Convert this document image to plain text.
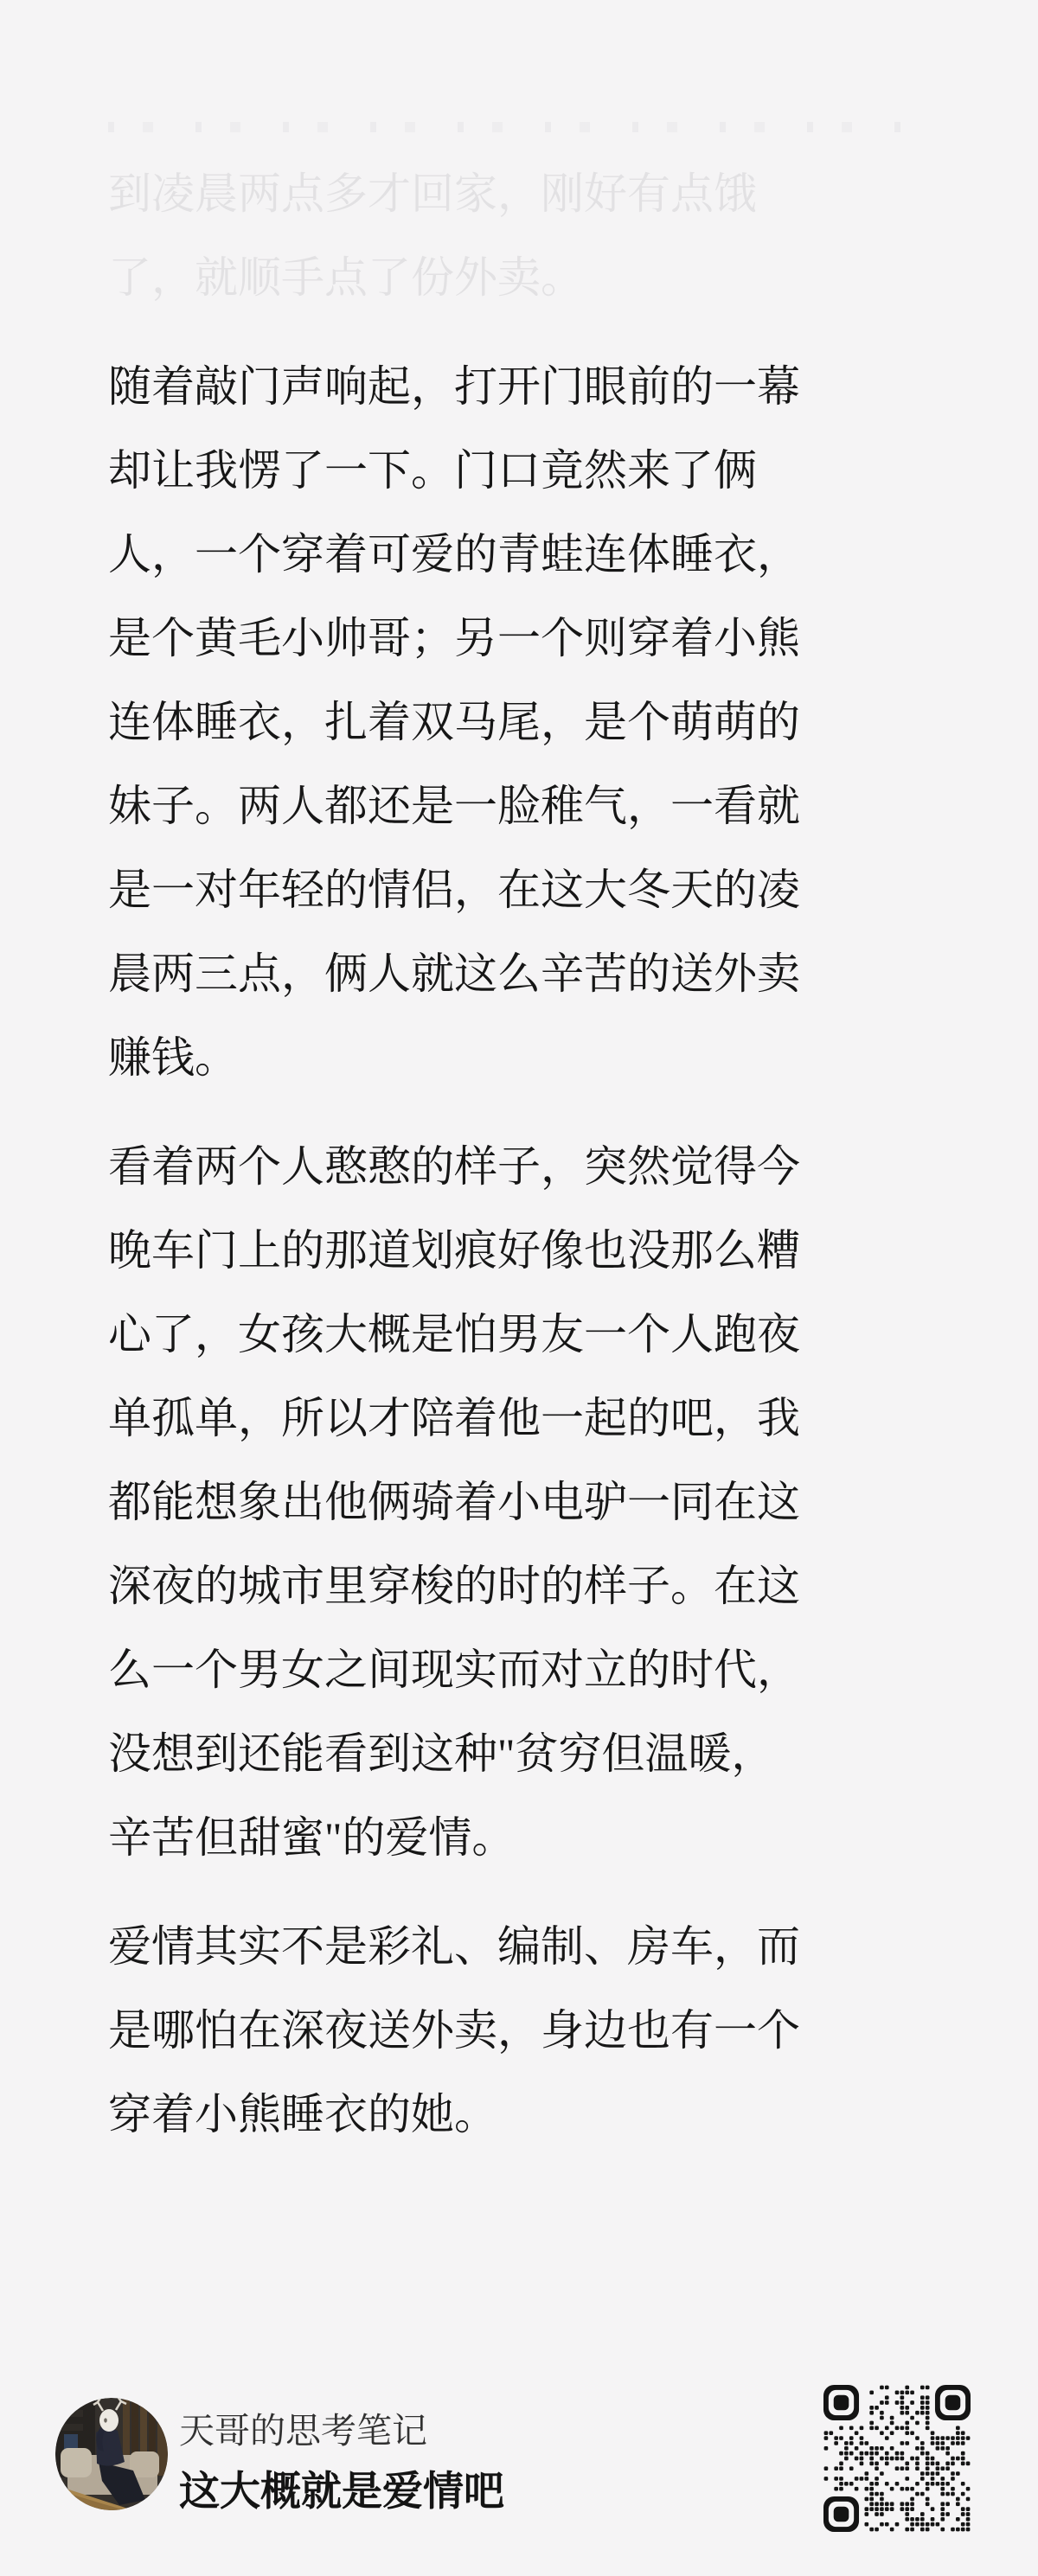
到凌晨两点多才回家，刚好有点饿
了，就顺手点了份外卖。
随着敲门声响起，打开门眼前的一幕
却让我愣了一下。门口竟然来了俩
人，一个穿着可爱的青蛙连体睡衣，
是个黄毛小帅哥；另一个则穿着小熊
连体睡衣，扎着双马尾，是个萌萌的
妹子。两人都还是一脸稚气，一看就
是一对年轻的情侣，在这大冬天的凌
晨两三点，俩人就这么辛苦的送外卖
赚钱。
看着两个人憨憨的样子，突然觉得今
晚车门上的那道划痕好像也没那么糟
心了，女孩大概是怕男友一个人跑夜
单孤单，所以才陪着他一起的吧，我
都能想象出他俩骑着小电驴一同在这
深夜的城市里穿梭的时的样子。在这
么一个男女之间现实而对立的时代，
没想到还能看到这种"贫穷但温暖，
辛苦但甜蜜"的爱情。
爱情其实不是彩礼、编制、房车，而
是哪怕在深夜送外卖，身边也有一个
穿着小熊睡衣的她。
天哥的思考笔记
这大概就是爱情吧
